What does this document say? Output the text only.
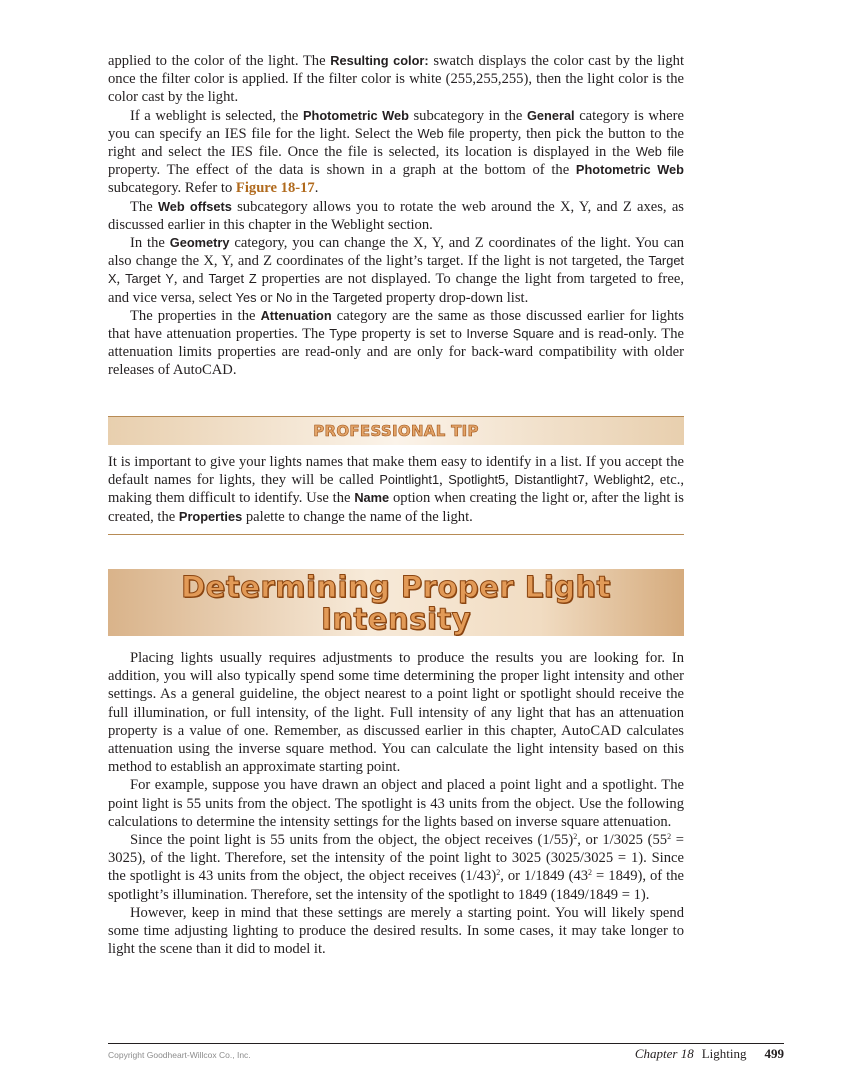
applied to the color of the light. The Resulting color: swatch displays the color cast by the light once the filter color is applied. If the filter color is white (255,255,255), then the light color is the color cast by the light.

If a weblight is selected, the Photometric Web subcategory in the General category is where you can specify an IES file for the light. Select the Web file property, then pick the button to the right and select the IES file. Once the file is selected, its location is displayed in the Web file property. The effect of the data is shown in a graph at the bottom of the Photometric Web subcategory. Refer to Figure 18-17.

The Web offsets subcategory allows you to rotate the web around the X, Y, and Z axes, as discussed earlier in this chapter in the Weblight section.

In the Geometry category, you can change the X, Y, and Z coordinates of the light. You can also change the X, Y, and Z coordinates of the light’s target. If the light is not targeted, the Target X, Target Y, and Target Z properties are not displayed. To change the light from targeted to free, and vice versa, select Yes or No in the Targeted property drop-down list.

The properties in the Attenuation category are the same as those discussed earlier for lights that have attenuation properties. The Type property is set to Inverse Square and is read-only. The attenuation limits properties are read-only and are only for back-ward compatibility with older releases of AutoCAD.

PROFESSIONAL TIP

It is important to give your lights names that make them easy to identify in a list. If you accept the default names for lights, they will be called Pointlight1, Spotlight5, Distantlight7, Weblight2, etc., making them difficult to identify. Use the Name option when creating the light or, after the light is created, the Properties palette to change the name of the light.

Determining Proper Light
Intensity

Placing lights usually requires adjustments to produce the results you are looking for. In addition, you will also typically spend some time determining the proper light intensity and other settings. As a general guideline, the object nearest to a point light or spotlight should receive the full illumination, or full intensity, of the light. Full intensity of any light that has an attenuation property is a value of one. Remember, as discussed earlier in this chapter, AutoCAD calculates attenuation using the inverse square method. You can calculate the light intensity based on this method to establish an approximate starting point.

For example, suppose you have drawn an object and placed a point light and a spotlight. The point light is 55 units from the object. The spotlight is 43 units from the object. Use the following calculations to determine the intensity settings for the lights based on inverse square attenuation.

Since the point light is 55 units from the object, the object receives $(1/55)^2$, or 1/3025 $(55^2 = 3025)$, of the light. Therefore, set the intensity of the point light to 3025 (3025/3025 = 1). Since the spotlight is 43 units from the object, the object receives $(1/43)^2$, or 1/1849 $(43^2 = 1849)$, of the spotlight’s illumination. Therefore, set the intensity of the spotlight to 1849 (1849/1849 = 1).

However, keep in mind that these settings are merely a starting point. You will likely spend some time adjusting lighting to produce the desired results. In some cases, it may take longer to light the scene than it did to model it.

Copyright Goodheart-Willcox Co., Inc.	Chapter 18 Lighting 499
